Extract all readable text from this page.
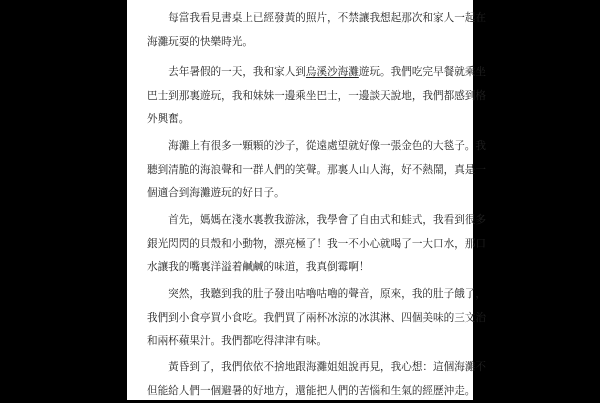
　　每當我看見書桌上已經發黃的照片，不禁讓我想起那次和家人一起在
海灘玩耍的快樂時光。

　　去年暑假的一天，我和家人到烏溪沙海灘遊玩。我們吃完早餐就乘坐
巴士到那裏遊玩，我和妹妹一邊乘坐巴士，一邊談天說地，我們都感到格
外興奮。

　　海灘上有很多一顆顆的沙子，從遠處望就好像一張金色的大毯子。我
聽到清脆的海浪聲和一群人們的笑聲。那裏人山人海，好不熱鬧，真是一
個適合到海灘遊玩的好日子。

　　首先，媽媽在淺水裏教我游泳，我學會了自由式和蛙式，我看到很多
銀光閃閃的貝殼和小動物，漂亮極了！我一不小心就喝了一大口水，那口
水讓我的嘴裏洋溢着鹹鹹的味道，我真倒霉啊！

　　突然，我聽到我的肚子發出咕嚕咕嚕的聲音，原來，我的肚子餓了，
我們到小食亭買小食吃。我們買了兩杯冰涼的冰淇淋、四個美味的三文治
和兩杯蘋果汁。我們都吃得津津有味。

　　黃昏到了，我們依依不捨地跟海灘姐姐說再見，我心想：這個海灘不
但能給人們一個避暑的好地方，還能把人們的苦惱和生氣的經歷沖走。
